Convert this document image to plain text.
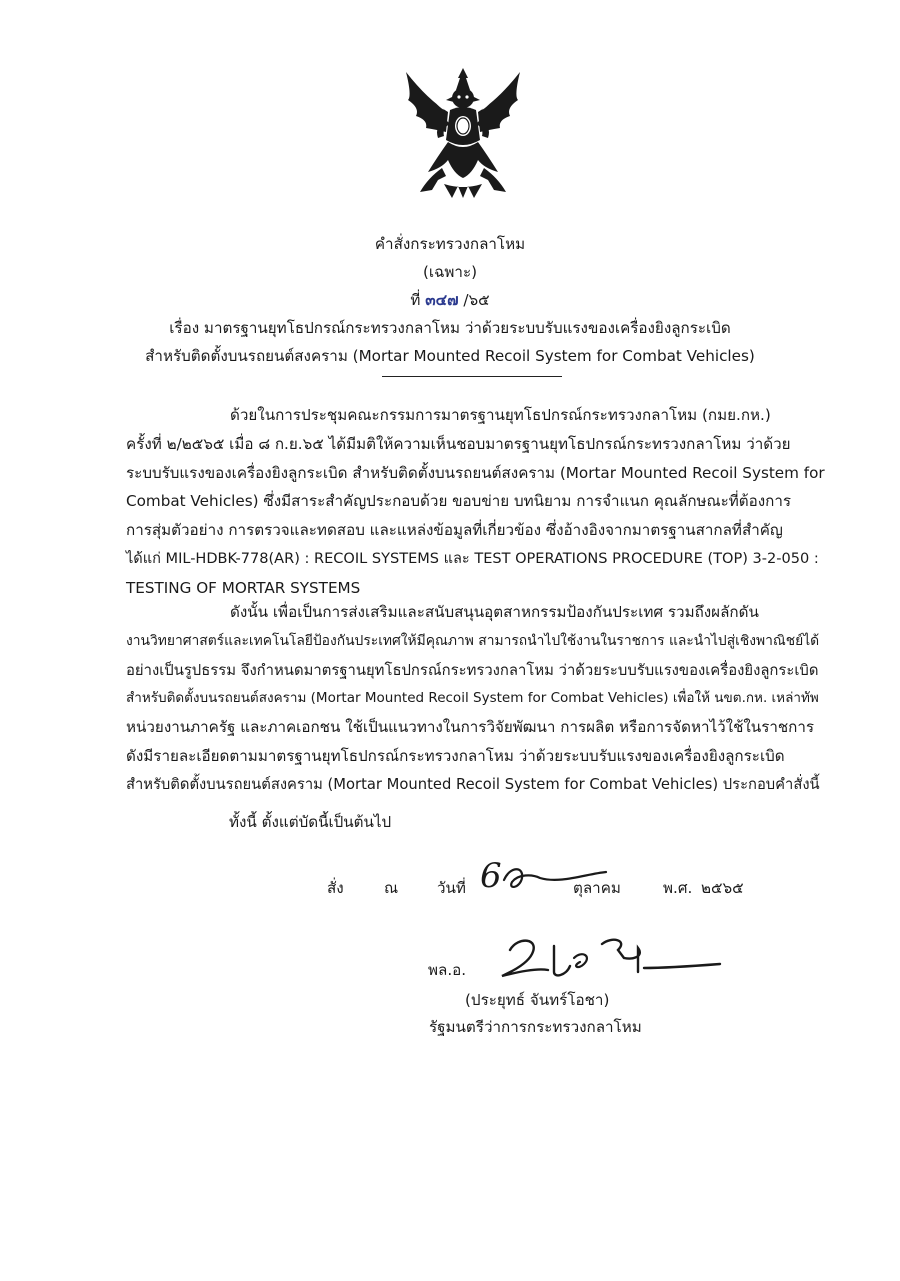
คำสั่งกระทรวงกลาโหม
(เฉพาะ)
ที่ ๓๔๗ /๖๕
เรื่อง มาตรฐานยุทโธปกรณ์กระทรวงกลาโหม ว่าด้วยระบบรับแรงของเครื่องยิงลูกระเบิด
สำหรับติดตั้งบนรถยนต์สงคราม (Mortar Mounted Recoil System for Combat Vehicles)
ด้วยในการประชุมคณะกรรมการมาตรฐานยุทโธปกรณ์กระทรวงกลาโหม (กมย.กห.)
ครั้งที่ ๒/๒๕๖๕ เมื่อ ๘ ก.ย.๖๕ ได้มีมติให้ความเห็นชอบมาตรฐานยุทโธปกรณ์กระทรวงกลาโหม ว่าด้วย
ระบบรับแรงของเครื่องยิงลูกระเบิด สำหรับติดตั้งบนรถยนต์สงคราม (Mortar Mounted Recoil System for
Combat Vehicles) ซึ่งมีสาระสำคัญประกอบด้วย ขอบข่าย บทนิยาม การจำแนก คุณลักษณะที่ต้องการ
การสุ่มตัวอย่าง การตรวจและทดสอบ และแหล่งข้อมูลที่เกี่ยวข้อง ซึ่งอ้างอิงจากมาตรฐานสากลที่สำคัญ
ได้แก่ MIL-HDBK-778(AR) : RECOIL SYSTEMS และ TEST OPERATIONS PROCEDURE (TOP) 3-2-050 :
TESTING OF MORTAR SYSTEMS
ดังนั้น เพื่อเป็นการส่งเสริมและสนับสนุนอุตสาหกรรมป้องกันประเทศ รวมถึงผลักดัน
งานวิทยาศาสตร์และเทคโนโลยีป้องกันประเทศให้มีคุณภาพ สามารถนำไปใช้งานในราชการ และนำไปสู่เชิงพาณิชย์ได้
อย่างเป็นรูปธรรม จึงกำหนดมาตรฐานยุทโธปกรณ์กระทรวงกลาโหม ว่าด้วยระบบรับแรงของเครื่องยิงลูกระเบิด
สำหรับติดตั้งบนรถยนต์สงคราม (Mortar Mounted Recoil System for Combat Vehicles) เพื่อให้ นขต.กห. เหล่าทัพ
หน่วยงานภาครัฐ และภาคเอกชน ใช้เป็นแนวทางในการวิจัยพัฒนา การผลิต หรือการจัดหาไว้ใช้ในราชการ
ดังมีรายละเอียดตามมาตรฐานยุทโธปกรณ์กระทรวงกลาโหม ว่าด้วยระบบรับแรงของเครื่องยิงลูกระเบิด
สำหรับติดตั้งบนรถยนต์สงคราม (Mortar Mounted Recoil System for Combat Vehicles) ประกอบคำสั่งนี้
ทั้งนี้ ตั้งแต่บัดนี้เป็นต้นไป
สั่ง	ณ	วันที่ 6	ตุลาคม	พ.ศ. ๒๕๖๕
พล.อ.
(ประยุทธ์ จันทร์โอชา)
รัฐมนตรีว่าการกระทรวงกลาโหม
